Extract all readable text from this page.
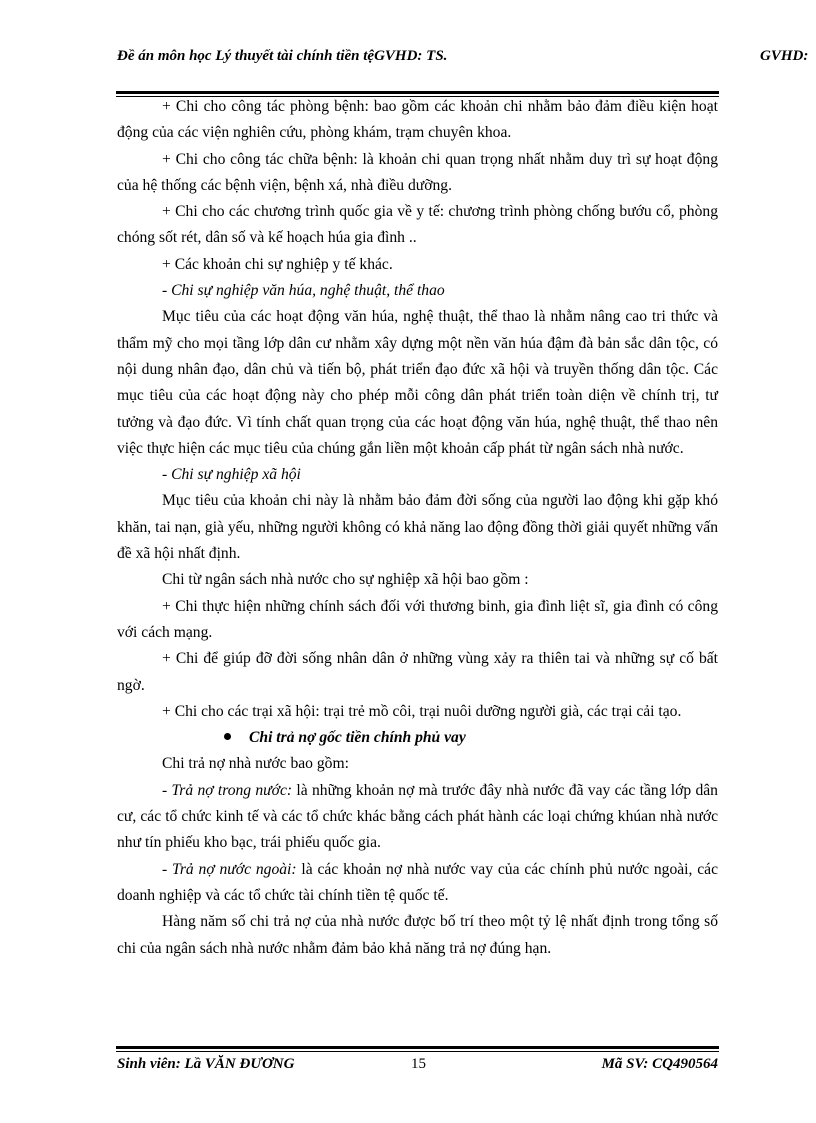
Đề án môn học Lý thuyết tài chính tiền tệGVHD: TS.	GVHD:

+ Chi cho công tác phòng bệnh: bao gồm các khoản chi nhằm bảo đảm điều kiện hoạt động của các viện nghiên cứu, phòng khám, trạm chuyên khoa.

+ Chi cho công tác chữa bệnh: là khoản chi quan trọng nhất nhằm duy trì sự hoạt động của hệ thống các bệnh viện, bệnh xá, nhà điều dưỡng.

+ Chi cho các chương trình quốc gia về y tế: chương trình phòng chống bướu cổ, phòng chóng sốt rét, dân số và kế hoạch húa gia đình ..

+ Các khoản chi sự nghiệp y tế khác.

- Chi sự nghiệp văn húa, nghệ thuật, thể thao

Mục tiêu của các hoạt động văn húa, nghệ thuật, thể thao là nhằm nâng cao tri thức và thẩm mỹ cho mọi tầng lớp dân cư nhằm xây dựng một nền văn húa đậm đà bản sắc dân tộc, có nội dung nhân đạo, dân chủ và tiến bộ, phát triển đạo đức xã hội và truyền thống dân tộc. Các mục tiêu của các hoạt động này cho phép mỗi công dân phát triển toàn diện về chính trị, tư tưởng và đạo đức. Vì tính chất quan trọng của các hoạt động văn húa, nghệ thuật, thể thao nên việc thực hiện các mục tiêu của chúng gắn liền một khoản cấp phát từ ngân sách nhà nước.

- Chi sự nghiệp xã hội

Mục tiêu của khoản chi này là nhằm bảo đảm đời sống của người lao động khi gặp khó khăn, tai nạn, già yếu, những người không có khả năng lao động đồng thời giải quyết những vấn đề xã hội nhất định.

Chi từ ngân sách nhà nước cho sự nghiệp xã hội bao gồm :

+ Chi thực hiện những chính sách đối với thương binh, gia đình liệt sĩ, gia đình có công với cách mạng.

+ Chi để giúp đỡ đời sống nhân dân ở những vùng xảy ra thiên tai và những sự cố bất ngờ.

+ Chi cho các trại xã hội: trại trẻ mồ côi, trại nuôi dưỡng người già, các trại cải tạo.

Chi trả nợ gốc tiền chính phủ vay

Chi trả nợ nhà nước bao gồm:

- Trả nợ trong nước: là những khoản nợ mà trước đây nhà nước đã vay các tầng lớp dân cư, các tổ chức kinh tế và các tổ chức khác bằng cách phát hành các loại chứng khúan nhà nước như tín phiếu kho bạc, trái phiếu quốc gia.

- Trả nợ nước ngoài: là các khoản nợ nhà nước vay của các chính phủ nước ngoài, các doanh nghiệp và các tổ chức tài chính tiền tệ quốc tế.

Hàng năm số chi trả nợ của nhà nước được bố trí theo một tỷ lệ nhất định trong tổng số chi của ngân sách nhà nước nhằm đảm bảo khả năng trả nợ đúng hạn.

Sinh viên: Lầ VĂN ĐƯƠNG	15	Mã SV: CQ490564
